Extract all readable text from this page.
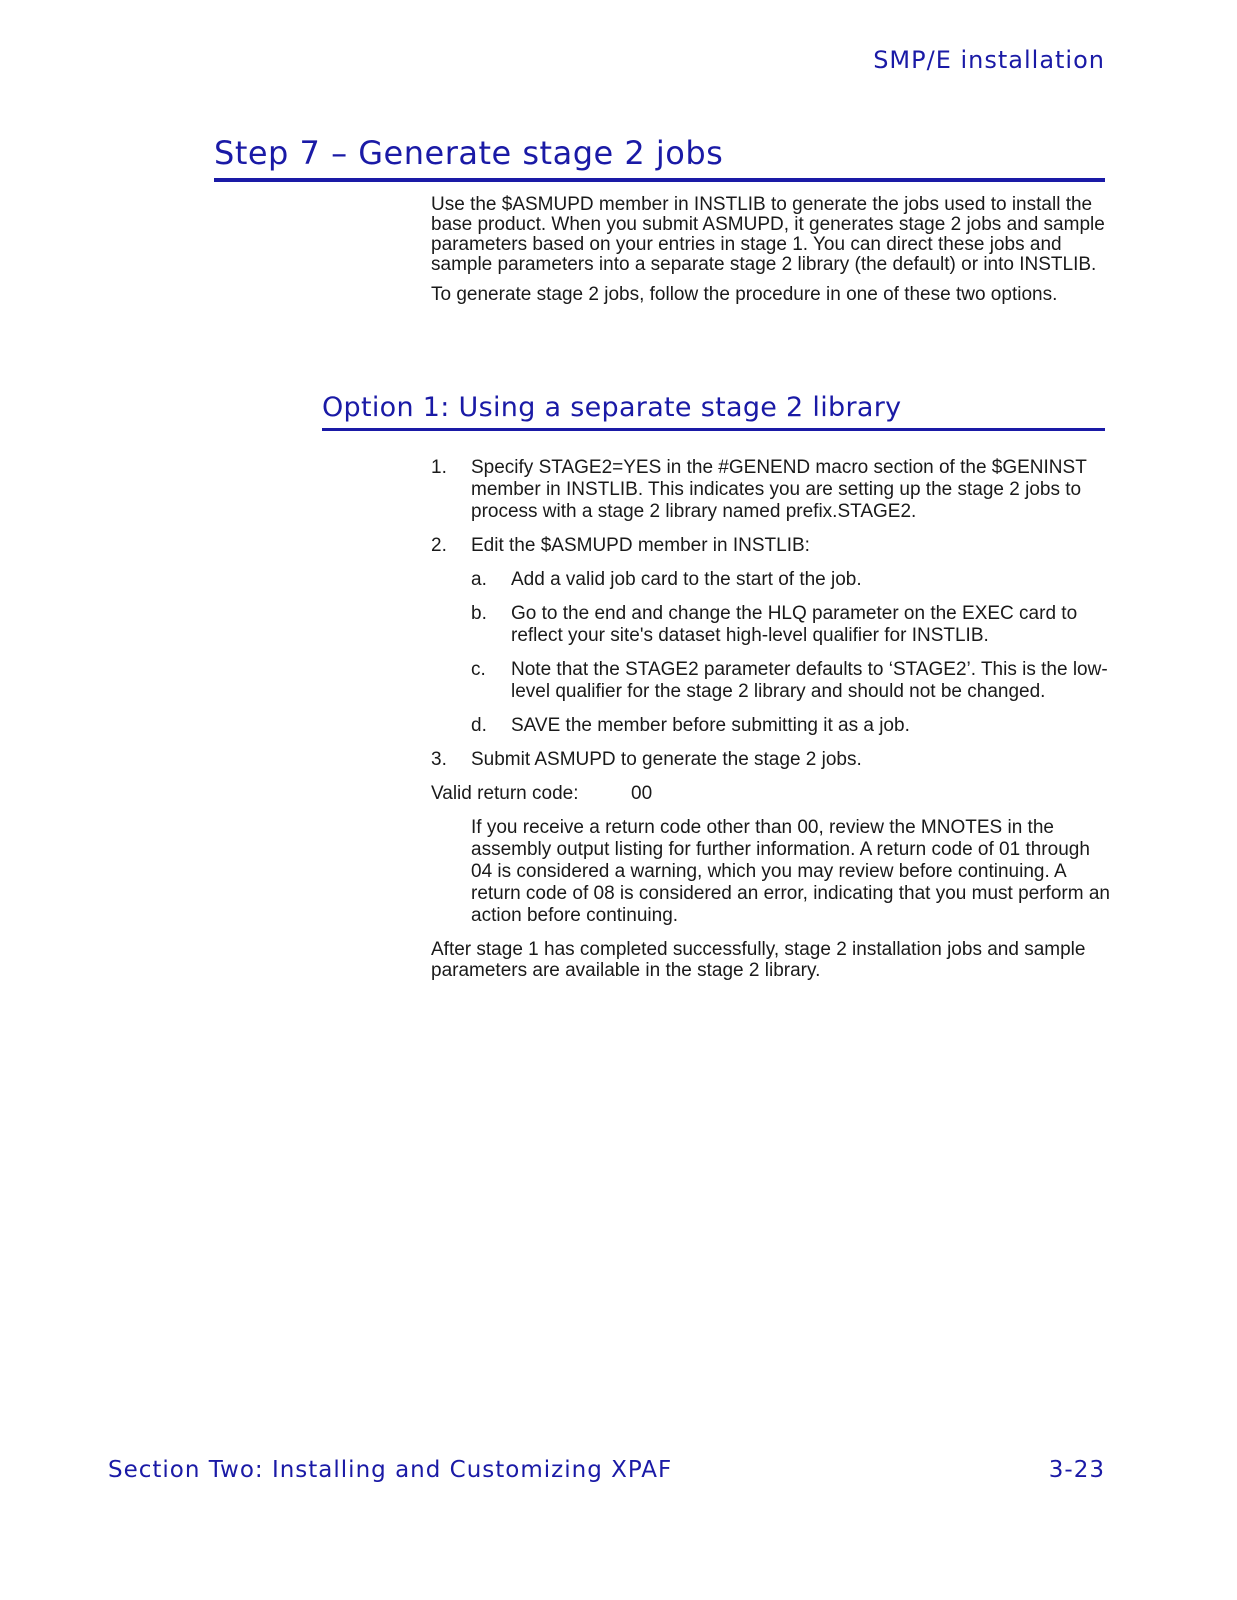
SMP/E installation
Step 7 – Generate stage 2 jobs

Use the $ASMUPD member in INSTLIB to generate the jobs used to install the base product. When you submit ASMUPD, it generates stage 2 jobs and sample parameters based on your entries in stage 1. You can direct these jobs and sample parameters into a separate stage 2 library (the default) or into INSTLIB.

To generate stage 2 jobs, follow the procedure in one of these two options.

Option 1: Using a separate stage 2 library
1.	Specify STAGE2=YES in the #GENEND macro section of the $GENINST member in INSTLIB. This indicates you are setting up the stage 2 jobs to process with a stage 2 library named prefix.STAGE2.
2.	Edit the $ASMUPD member in INSTLIB:
a.	Add a valid job card to the start of the job.
b.	Go to the end and change the HLQ parameter on the EXEC card to reflect your site's dataset high-level qualifier for INSTLIB.
c.	Note that the STAGE2 parameter defaults to ‘STAGE2’. This is the low-level qualifier for the stage 2 library and should not be changed.
d.	SAVE the member before submitting it as a job.
3.	Submit ASMUPD to generate the stage 2 jobs.
Valid return code:	00
If you receive a return code other than 00, review the MNOTES in the assembly output listing for further information. A return code of 01 through 04 is considered a warning, which you may review before continuing. A return code of 08 is considered an error, indicating that you must perform an action before continuing.

After stage 1 has completed successfully, stage 2 installation jobs and sample parameters are available in the stage 2 library.

Section Two: Installing and Customizing XPAF	3-23
